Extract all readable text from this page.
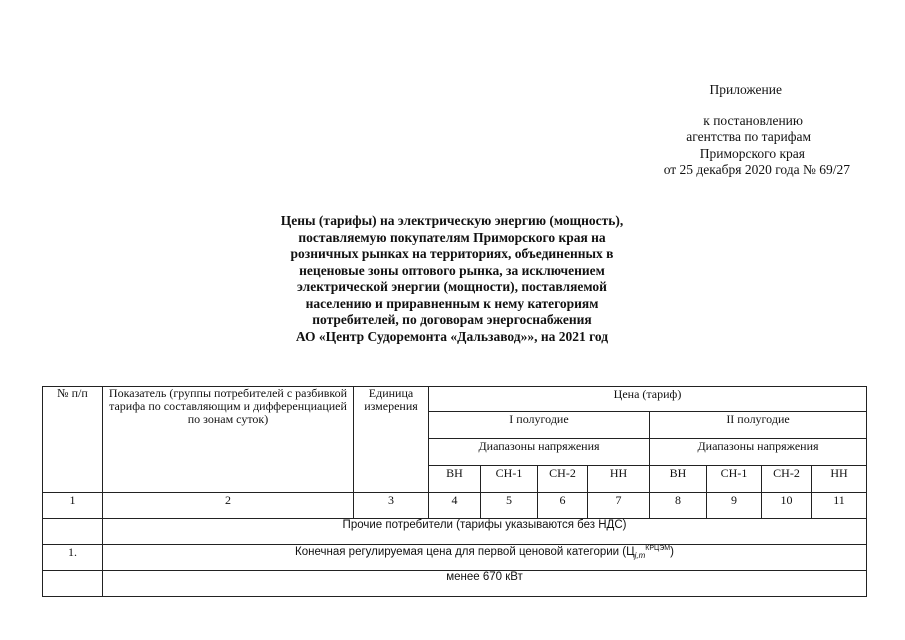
Приложение
к постановлению
агентства по тарифам
Приморского края
от 25 декабря 2020 года № 69/27
Цены (тарифы) на электрическую энергию (мощность),
поставляемую покупателям Приморского края на
розничных рынках на территориях, объединенных в
неценовые зоны оптового рынка, за исключением
электрической энергии (мощности), поставляемой
населению и приравненным к нему категориям
потребителей, по договорам энергоснабжения
АО «Центр Судоремонта «Дальзавод»», на 2021 год
№ п/п	Показатель (группы потребителей с разбивкой тарифа по составляющим и дифференциацией по зонам суток)	Единица измерения	Цена (тариф)							
			I полугодие				II полугодие			
			Диапазоны напряжения				Диапазоны напряжения			
			ВН	СН-1	СН-2	НН	ВН	СН-1	СН-2	НН
1	2	3	4	5	6	7	8	9	10	11
	Прочие потребители (тарифы указываются без НДС)									
1.	Конечная регулируемая цена для первой ценовой категории $(Ц_{j,m}^{КРЦЭМ})$									
	менее 670 кВт									
